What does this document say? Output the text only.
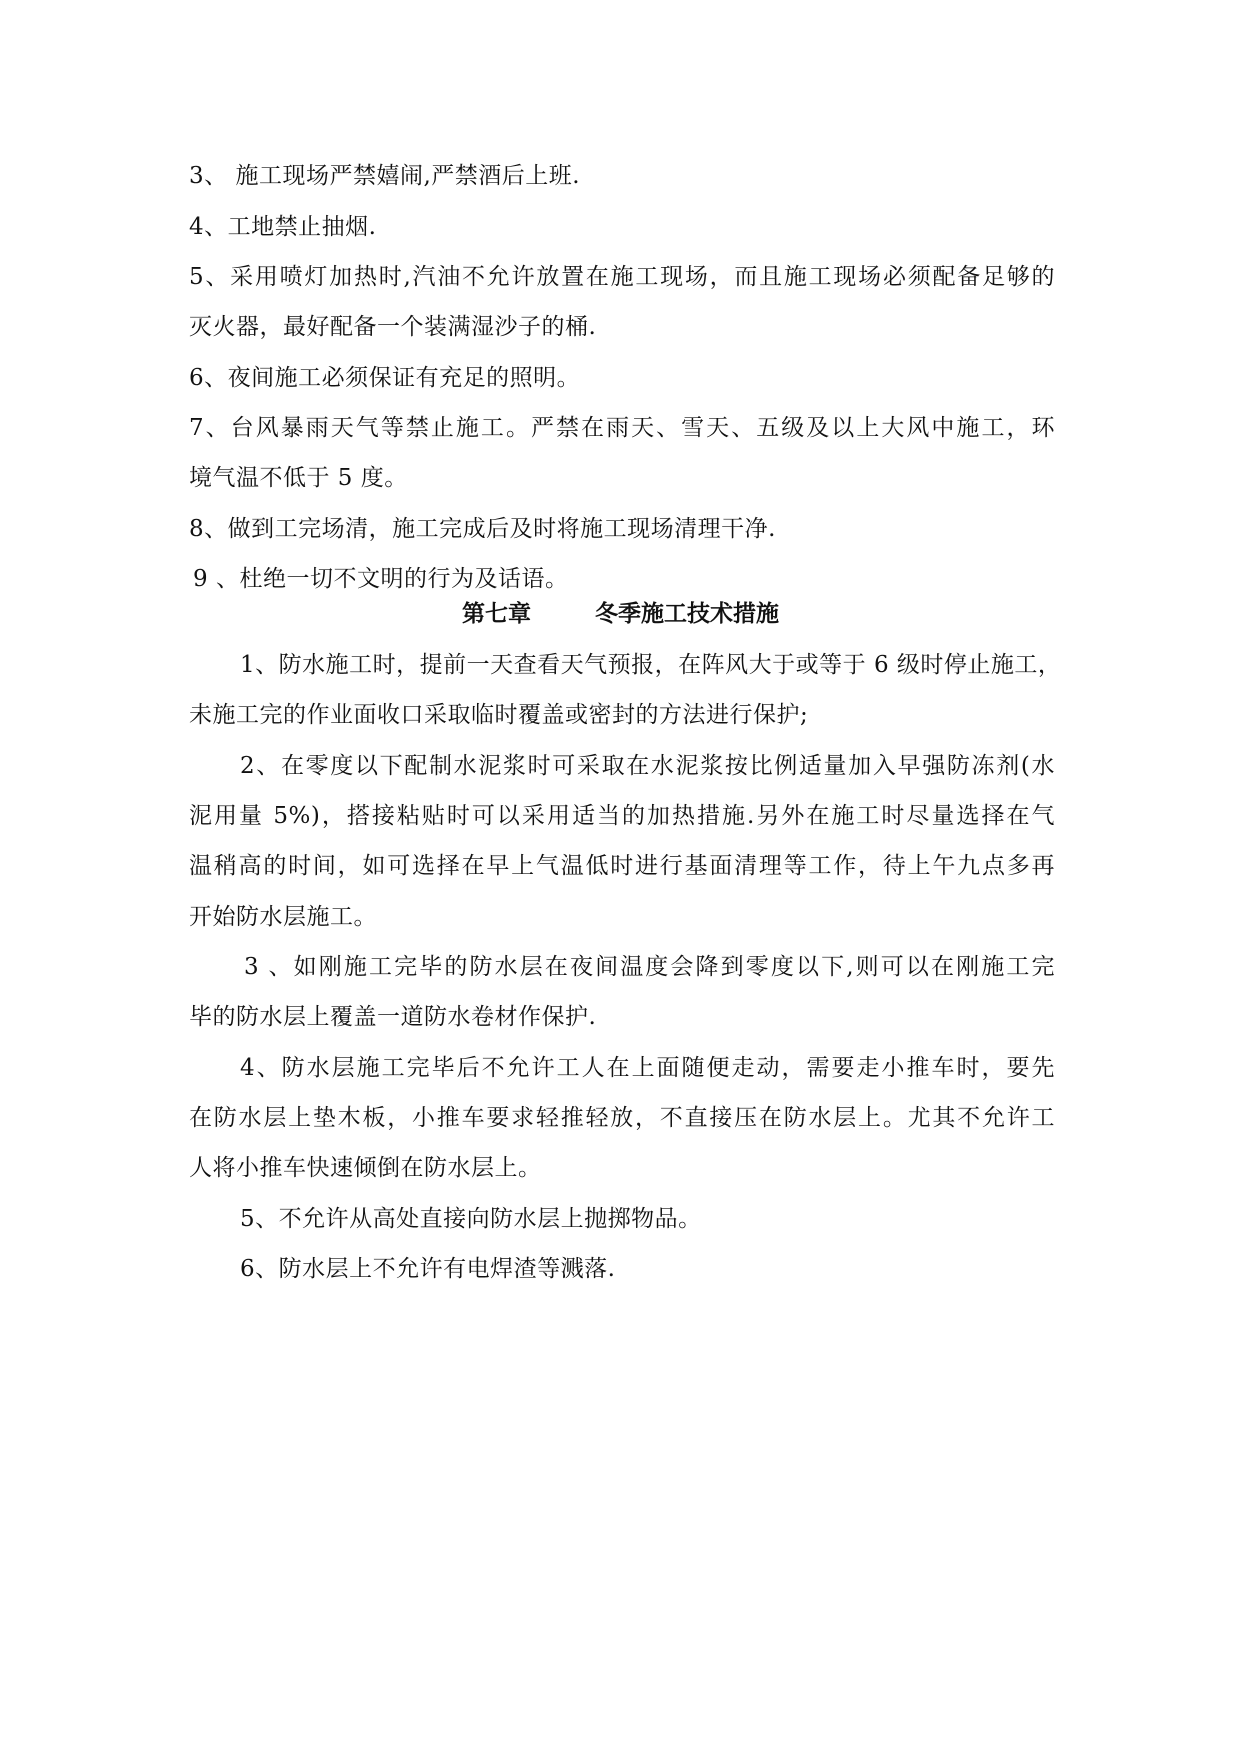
3、 施工现场严禁嬉闹,严禁酒后上班.
4、工地禁止抽烟.
5、采用喷灯加热时,汽油不允许放置在施工现场，而且施工现场必须配备足够的
灭火器，最好配备一个装满湿沙子的桶.
6、夜间施工必须保证有充足的照明。
7、台风暴雨天气等禁止施工。严禁在雨天、雪天、五级及以上大风中施工，环
境气温不低于 5 度。
8、做到工完场清，施工完成后及时将施工现场清理干净.
9 、杜绝一切不文明的行为及话语。
第七章	冬季施工技术措施
1、防水施工时，提前一天查看天气预报，在阵风大于或等于 6 级时停止施工，
未施工完的作业面收口采取临时覆盖或密封的方法进行保护;
2、在零度以下配制水泥浆时可采取在水泥浆按比例适量加入早强防冻剂(水
泥用量 5%)，搭接粘贴时可以采用适当的加热措施.另外在施工时尽量选择在气
温稍高的时间，如可选择在早上气温低时进行基面清理等工作，待上午九点多再
开始防水层施工。
3 、如刚施工完毕的防水层在夜间温度会降到零度以下,则可以在刚施工完
毕的防水层上覆盖一道防水卷材作保护.
4、防水层施工完毕后不允许工人在上面随便走动，需要走小推车时，要先
在防水层上垫木板，小推车要求轻推轻放，不直接压在防水层上。尤其不允许工
人将小推车快速倾倒在防水层上。
5、不允许从高处直接向防水层上抛掷物品。
6、防水层上不允许有电焊渣等溅落.
